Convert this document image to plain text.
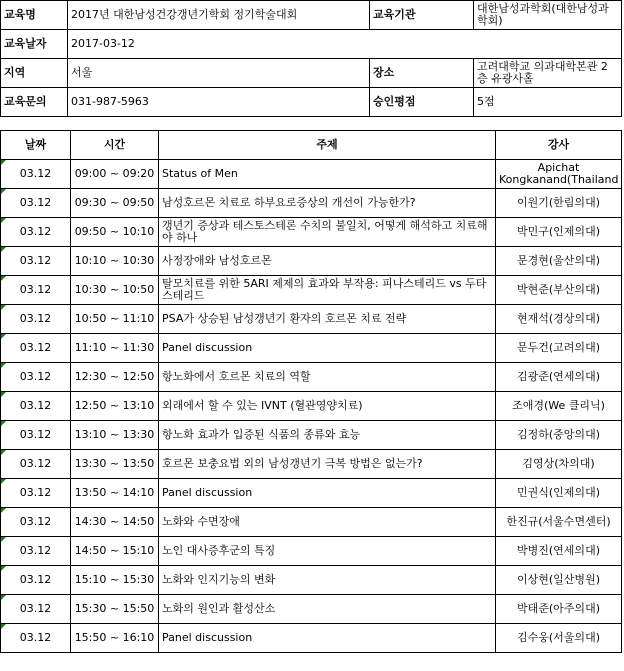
교육명	2017년 대한남성건강갱년기학회 정기학술대회	교육기관	대한남성과학회(대한남성과학회)
교육날자	2017-03-12		
지역	서울	장소	고려대학교 의과대학본관 2층 유광사홀
교육문의	031-987-5963	승인평점	5점
날짜	시간	주제	강사

03.12	09:00 ~ 09:20	Status of Men	Apichat Kongkanand(Thailand

03.12	09:30 ~ 09:50	남성호르몬 치료로 하부요로증상의 개선이 가능한가?	이원기(한림의대)

03.12	09:50 ~ 10:10	갱년기 증상과 테스토스테론 수치의 불일치, 어떻게 해석하고 치료해야 하나	박민구(인제의대)

03.12	10:10 ~ 10:30	사정장애와 남성호르몬	문경현(울산의대)

03.12	10:30 ~ 10:50	탈모치료를 위한 5ARI 제제의 효과와 부작용: 피나스테리드 vs 두타스테리드	박현준(부산의대)

03.12	10:50 ~ 11:10	PSA가 상승된 남성갱년기 환자의 호르몬 치료 전략	현재석(경상의대)

03.12	11:10 ~ 11:30	Panel discussion	문두건(고려의대)

03.12	12:30 ~ 12:50	항노화에서 호르몬 치료의 역할	김광준(연세의대)

03.12	12:50 ~ 13:10	외래에서 할 수 있는 IVNT (혈관영양치료)	조애경(We 클리닉)

03.12	13:10 ~ 13:30	항노화 효과가 입증된 식품의 종류와 효능	김정하(중앙의대)

03.12	13:30 ~ 13:50	호르몬 보충요법 외의 남성갱년기 극복 방법은 없는가?	김영상(차의대)

03.12	13:50 ~ 14:10	Panel discussion	민권식(인제의대)

03.12	14:30 ~ 14:50	노화와 수면장애	한진규(서울수면센터)

03.12	14:50 ~ 15:10	노인 대사증후군의 특징	박병진(연세의대)

03.12	15:10 ~ 15:30	노화와 인지기능의 변화	이상현(일산병원)

03.12	15:30 ~ 15:50	노화의 원인과 활성산소	박태준(아주의대)

03.12	15:50 ~ 16:10	Panel discussion	김수웅(서울의대)
